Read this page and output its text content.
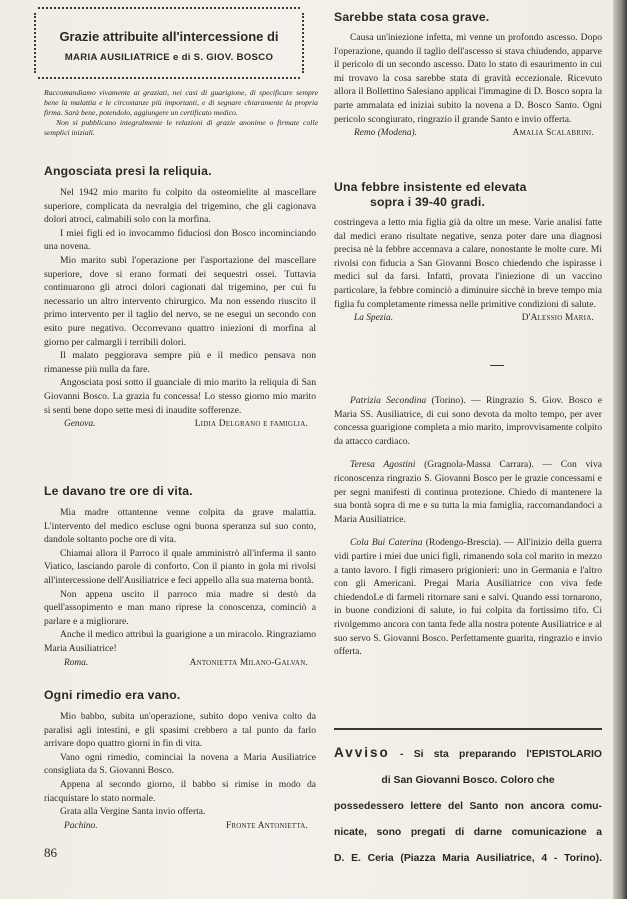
Grazie attribuite all'intercessione di
MARIA AUSILIATRICE e di S. GIOV. BOSCO

Raccomandiamo vivamente ai graziati, nei casi di guarigione, di specificare sempre bene la malattia e le circostanze più importanti, e di segnare chiaramente la propria firma. Sarà bene, potendolo, aggiungere un certificato medico.

Non si pubblicano integralmente le relazioni di grazie anonime o firmate colle semplici iniziali.

Angosciata presi la reliquia.

Nel 1942 mio marito fu colpito da osteomielite al mascellare superiore, complicata da nevralgia del trigemino, che gli cagionava dolori atroci, calmabili solo con la morfina.

I miei figli ed io invocammo fiduciosi don Bosco incominciando una novena.

Mio marito subì l'operazione per l'asportazione del mascellare superiore, dove si erano formati dei sequestri ossei. Tuttavia continuarono gli atroci dolori cagionati dal trigemino, per cui fu necessario un altro intervento chirurgico. Ma non essendo riuscito il primo intervento per il taglio del nervo, se ne eseguì un secondo con esito pure negativo. Occorrevano quattro iniezioni di morfina al giorno per calmargli i terribili dolori.

Il malato peggiorava sempre più e il medico pensava non rimanesse più nulla da fare.

Angosciata posi sotto il guanciale di mio marito la reliquia di San Giovanni Bosco. La grazia fu concessa! Lo stesso giorno mio marito si sentì bene dopo sette mesi di inaudite sofferenze.

Genova.	Lidia Delgrano e famiglia.
Le davano tre ore di vita.

Mia madre ottantenne venne colpita da grave malattia. L'intervento del medico escluse ogni buona speranza sul suo conto, dandole soltanto poche ore di vita.

Chiamai allora il Parroco il quale amministrò all'inferma il santo Viatico, lasciando parole di conforto. Con il pianto in gola mi rivolsi all'intercessione dell'Ausiliatrice e feci appello alla sua materna bontà.

Non appena uscito il parroco mia madre si destò da quell'assopimento e man mano riprese la conoscenza, cominciò a parlare e a migliorare.

Anche il medico attribuì la guarigione a un miracolo. Ringraziamo Maria Ausiliatrice!

Roma.	Antonietta Milano-Galvan.
Ogni rimedio era vano.

Mio babbo, subita un'operazione, subito dopo veniva colto da paralisi agli intestini, e gli spasimi crebbero a tal punto da farlo arrivare dopo quattro giorni in fin di vita.

Vano ogni rimedio, cominciai la novena a Maria Ausiliatrice consigliata da S. Giovanni Bosco.

Appena al secondo giorno, il babbo si rimise in modo da riacquistare lo stato normale.

Grata alla Vergine Santa invio offerta.

Pachino.	Fronte Antonietta.
86
Sarebbe stata cosa grave.

Causa un'iniezione infetta, mi venne un profondo ascesso. Dopo l'operazione, quando il taglio dell'ascesso si stava chiudendo, apparve il pericolo di un secondo ascesso. Dato lo stato di esaurimento in cui mi trovavo la cosa sarebbe stata di gravità eccezionale. Ricevuto allora il Bollettino Salesiano applicai l'immagine di D. Bosco sopra la parte ammalata ed iniziai subito la novena a D. Bosco Santo. Ogni pericolo scongiurato, ringrazio il grande Santo e invio offerta.

Remo (Modena).	Amalia Scalabrini.
Una febbre insistente ed elevata
sopra i 39-40 gradi.

costringeva a letto mia figlia già da oltre un mese. Varie analisi fatte dal medici erano risultate negative, senza poter dare una diagnosi precisa nè la febbre accennava a calare, nonostante le molte cure. Mi rivolsi con fiducia a San Giovanni Bosco chiedendo che ispirasse i medici sul da farsi. Infatti, provata l'iniezione di un vaccino particolare, la febbre cominciò a diminuire sicchè in breve tempo mia figlia fu completamente rimessa nelle primitive condizioni di salute.

La Spezia.	D'Alessio Maria.

Patrizia Secondina (Torino). — Ringrazio S. Giov. Bosco e Maria SS. Ausiliatrice, di cui sono devota da molto tempo, per aver concessa guarigione completa a mio marito, improvvisamente colpito da attacco cardiaco.

Teresa Agostini (Gragnola-Massa Carrara). — Con viva riconoscenza ringrazio S. Giovanni Bosco per le grazie concessami e per segni manifesti di continua protezione. Chiedo di mantenere la sua bontà sopra di me e su tutta la mia famiglia, raccomandandoci a Maria Ausiliatrice.

Cola Bui Caterina (Rodengo-Brescia). — All'inizio della guerra vidi partire i miei due unici figli, rimanendo sola col marito in mezzo a tanto lavoro. I figli rimasero prigionieri: uno in Germania e l'altro con gli Americani. Pregai Maria Ausiliatrice con viva fede chiedendoLe di farmeli ritornare sani e salvi. Quando essi tornarono, in buone condizioni di salute, io fui colpita da fortissimo tifo. Ci rivolgemmo ancora con tanta fede alla nostra potente Ausiliatrice e al suo servo S. Giovanni Bosco. Perfettamente guarita, ringrazio e invio offerta.

Avviso - Si sta preparando l'EPISTOLARIO
di San Giovanni Bosco. Coloro che
possedessero lettere del Santo non ancora comu-
nicate, sono pregati di darne comunicazione a
D. E. Ceria (Piazza Maria Ausiliatrice, 4 - Torino).
